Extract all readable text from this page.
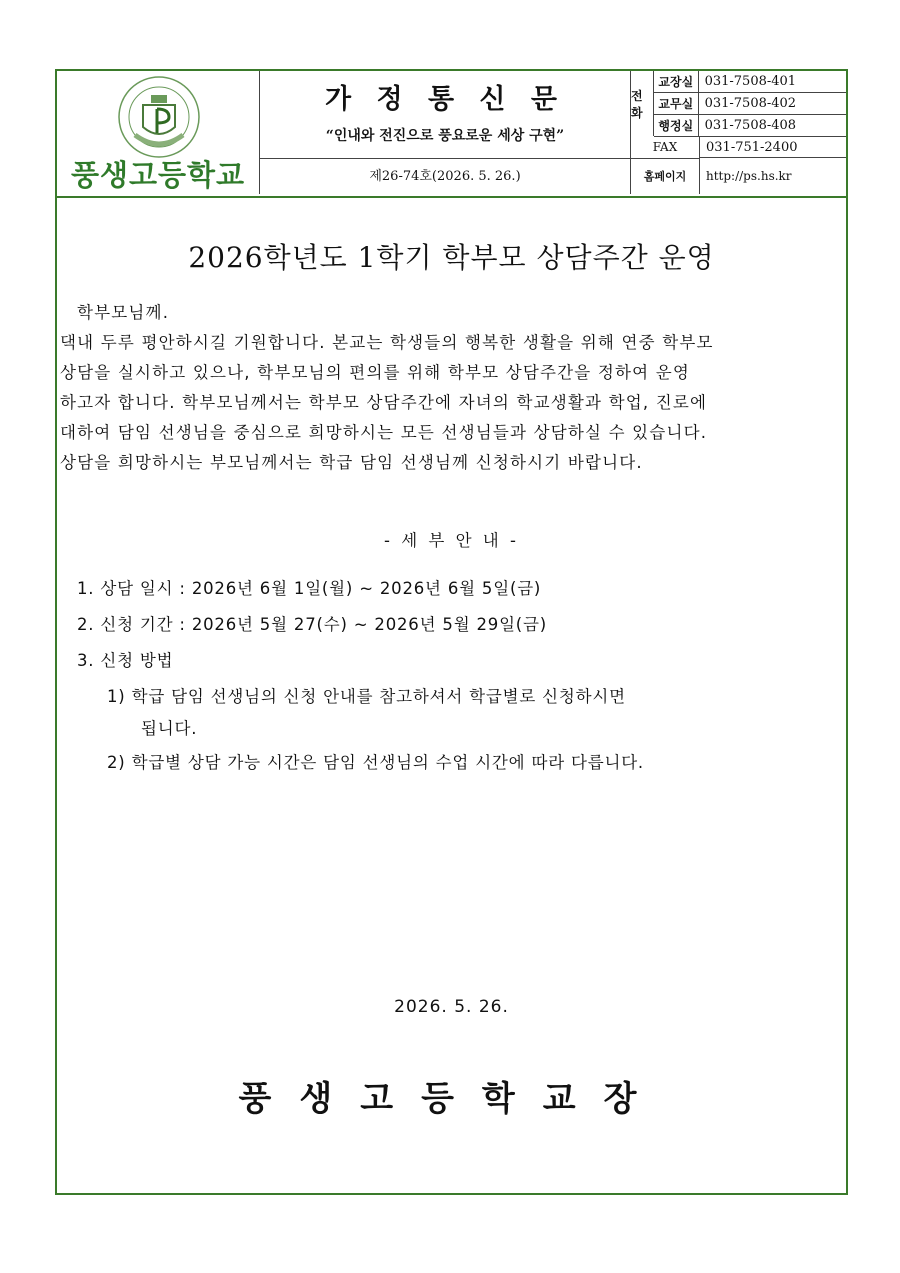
풍생고등학교
가 정 통 신 문
“인내와 전진으로 풍요로운 세상 구현”
제26-74호(2026. 5. 26.)
전화
교장실	031-7508-401
교무실	031-7508-402
행정실	031-7508-408
FAX	031-751-2400
홈페이지	http://ps.hs.kr
2026학년도 1학기 학부모 상담주간 운영
학부모님께.
댁내 두루 평안하시길 기원합니다. 본교는 학생들의 행복한 생활을 위해 연중 학부모
상담을 실시하고 있으나, 학부모님의 편의를 위해 학부모 상담주간을 정하여 운영
하고자 합니다. 학부모님께서는 학부모 상담주간에 자녀의 학교생활과 학업, 진로에
대하여 담임 선생님을 중심으로 희망하시는 모든 선생님들과 상담하실 수 있습니다.
상담을 희망하시는 부모님께서는 학급 담임 선생님께 신청하시기 바랍니다.
- 세 부 안 내 -
1. 상담 일시 : 2026년 6월 1일(월) ~ 2026년 6월 5일(금)
2. 신청 기간 : 2026년 5월 27(수) ~ 2026년 5월 29일(금)
3. 신청 방법
1) 학급 담임 선생님의 신청 안내를 참고하셔서 학급별로 신청하시면
됩니다.
2) 학급별 상담 가능 시간은 담임 선생님의 수업 시간에 따라 다릅니다.
2026. 5. 26.
풍생고등학교장
